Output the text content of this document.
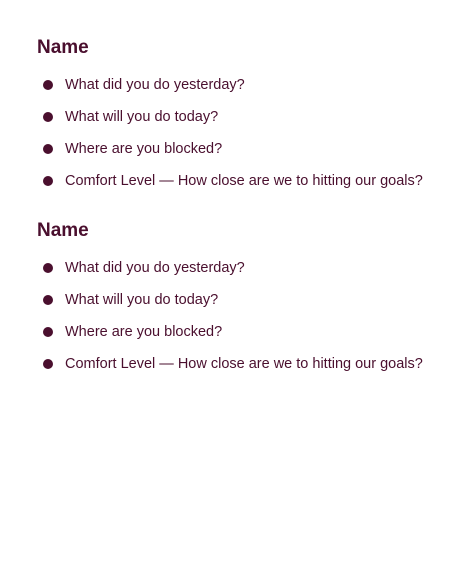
Name
What did you do yesterday?
What will you do today?
Where are you blocked?
Comfort Level — How close are we to hitting our goals?
Name
What did you do yesterday?
What will you do today?
Where are you blocked?
Comfort Level — How close are we to hitting our goals?
